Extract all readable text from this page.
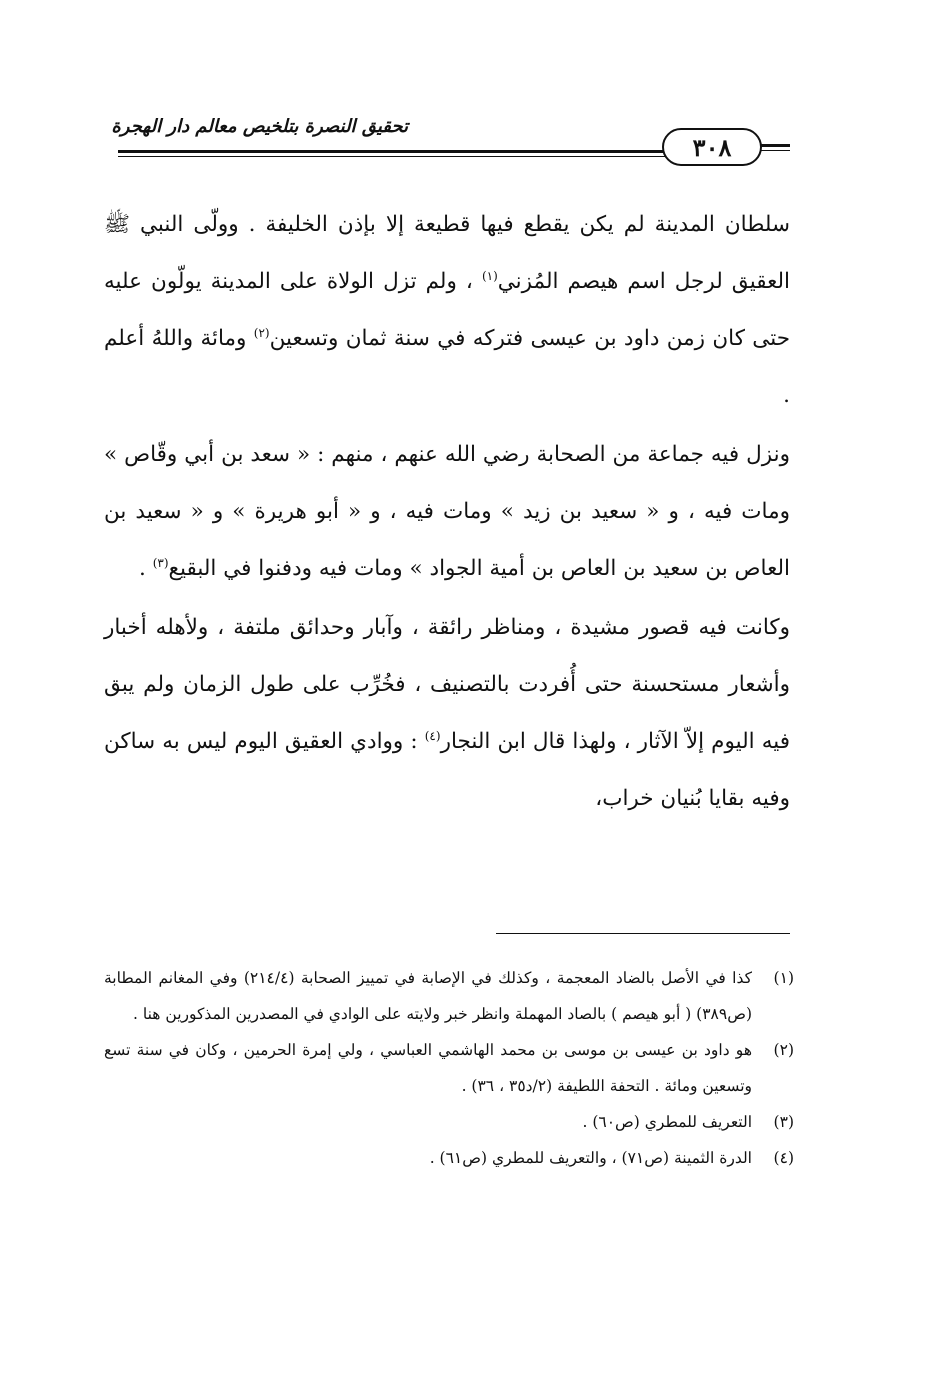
تحقيق النصرة بتلخيص معالم دار الهجرة
٣٠٨

سلطان المدينة لم يكن يقطع فيها قطيعة إلا بإذن الخليفة . وولّى النبي ﷺ العقيق لرجل اسم هيصم المُزني$^{(١)}$ ، ولم تزل الولاة على المدينة يولّون عليه حتى كان زمن داود بن عيسى فتركه في سنة ثمان وتسعين$^{(٢)}$ ومائة واللهُ أعلم .

ونزل فيه جماعة من الصحابة رضي الله عنهم ، منهم : « سعد بن أبي وقّاص » ومات فيه ، و « سعيد بن زيد » ومات فيه ، و « أبو هريرة » و « سعيد بن العاص بن سعيد بن العاص بن أمية الجواد » ومات فيه ودفنوا في البقيع$^{(٣)}$ .

وكانت فيه قصور مشيدة ، ومناظر رائقة ، وآبار وحدائق ملتفة ، ولأهله أخبار وأشعار مستحسنة حتى أُفردت بالتصنيف ، فخُرِّب على طول الزمان ولم يبق فيه اليوم إلاّ الآثار ، ولهذا قال ابن النجار$^{(٤)}$ : ووادي العقيق اليوم ليس به ساكن وفيه بقايا بُنيان خراب،

(١)
كذا في الأصل بالضاد المعجمة ، وكذلك في الإصابة في تمييز الصحابة (٢١٤/٤) وفي المغانم المطابة (ص٣٨٩) ( أبو هيصم ) بالصاد المهملة وانظر خبر ولايته على الوادي في المصدرين المذكورين هنا .
(٢)
هو داود بن عيسى بن موسى بن محمد الهاشمي العباسي ، ولي إمرة الحرمين ، وكان في سنة تسع وتسعين ومائة . التحفة اللطيفة (٢/د٣٥ ، ٣٦) .
(٣)
التعريف للمطري (ص٦٠) .
(٤)
الدرة الثمينة (ص٧١) ، والتعريف للمطري (ص٦١) .
